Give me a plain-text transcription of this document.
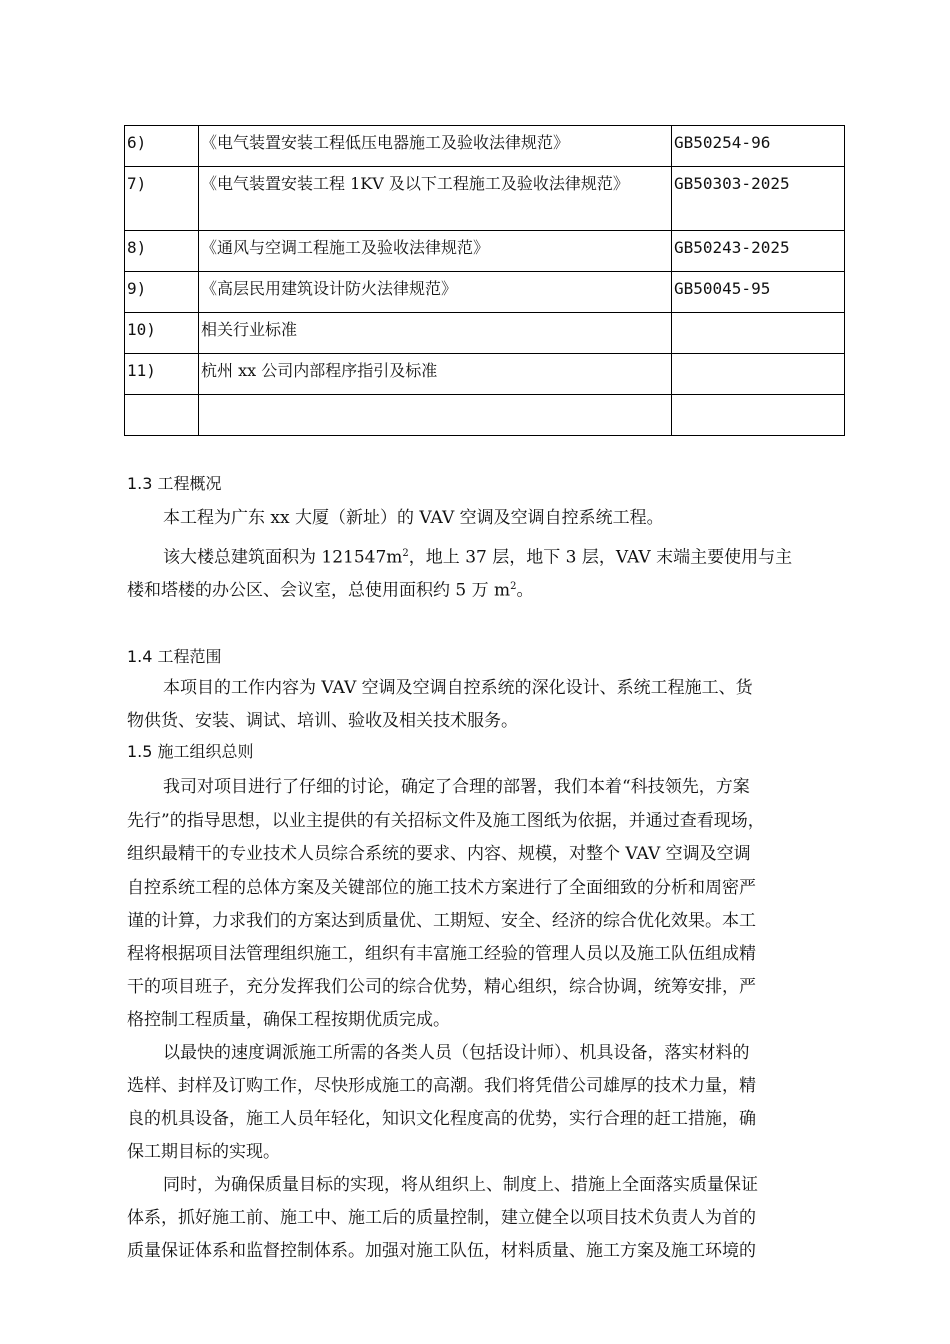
6)	《电气装置安装工程低压电器施工及验收法律规范》	GB50254-96
7)	《电气装置安装工程 1KV 及以下工程施工及验收法律规范》	GB50303-2025
8)	《通风与空调工程施工及验收法律规范》	GB50243-2025
9)	《高层民用建筑设计防火法律规范》	GB50045-95
10)	相关行业标准	
11)	杭州 xx 公司内部程序指引及标准	

1.3 工程概况
本工程为广东 xx 大厦（新址）的 VAV 空调及空调自控系统工程。
该大楼总建筑面积为 $121547m^2$，地上 37 层，地下 3 层，VAV 末端主要使用与主
楼和塔楼的办公区、会议室，总使用面积约 5 万 $m^2$。
1.4 工程范围
本项目的工作内容为 VAV 空调及空调自控系统的深化设计、系统工程施工、货
物供货、安装、调试、培训、验收及相关技术服务。
1.5 施工组织总则
我司对项目进行了仔细的讨论，确定了合理的部署，我们本着“科技领先，方案
先行”的指导思想，以业主提供的有关招标文件及施工图纸为依据，并通过查看现场，
组织最精干的专业技术人员综合系统的要求、内容、规模，对整个 VAV 空调及空调
自控系统工程的总体方案及关键部位的施工技术方案进行了全面细致的分析和周密严
谨的计算，力求我们的方案达到质量优、工期短、安全、经济的综合优化效果。本工
程将根据项目法管理组织施工，组织有丰富施工经验的管理人员以及施工队伍组成精
干的项目班子，充分发挥我们公司的综合优势，精心组织，综合协调，统筹安排，严
格控制工程质量，确保工程按期优质完成。
以最快的速度调派施工所需的各类人员（包括设计师）、机具设备，落实材料的
选样、封样及订购工作，尽快形成施工的高潮。我们将凭借公司雄厚的技术力量，精
良的机具设备，施工人员年轻化，知识文化程度高的优势，实行合理的赶工措施，确
保工期目标的实现。
同时，为确保质量目标的实现，将从组织上、制度上、措施上全面落实质量保证
体系，抓好施工前、施工中、施工后的质量控制，建立健全以项目技术负责人为首的
质量保证体系和监督控制体系。加强对施工队伍，材料质量、施工方案及施工环境的
